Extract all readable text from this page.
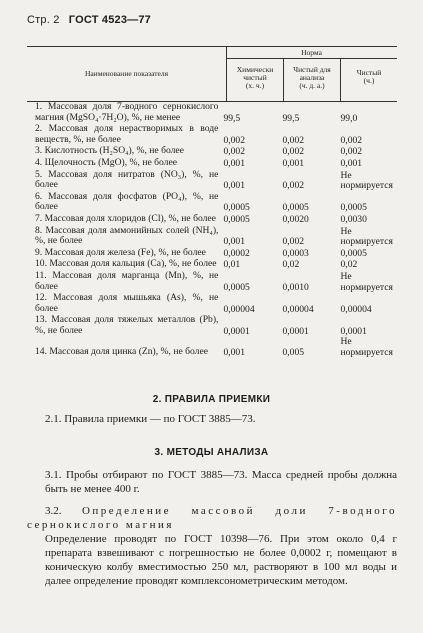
Стр. 2 ГОСТ 4523—77
Наименование показателя
Норма
Химически
чистый
(х. ч.)
Чистый для
анализа
(ч. д. а.)
Чистый
(ч.)
1. Массовая доля 7-водного сернокислого магния (MgSO₄·7H₂O), %, не менее	99,5	99,5	99,0
2. Массовая доля нерастворимых в воде веществ, %, не более	0,002	0,002	0,002
3. Кислотность (H₂SO₄), %, не более	0,002	0,002	0,002
4. Щелочность (MgO), %, не более	0,001	0,001	0,001
5. Массовая доля нитратов (NO₃), %, не более	0,001	0,002	Не нормируется
6. Массовая доля фосфатов (PO₄), %, не более	0,0005	0,0005	0,0005
7. Массовая доля хлоридов (Cl), %, не более	0,0005	0,0020	0,0030
8. Массовая доля аммонийных солей (NH₄), %, не более	0,001	0,002	Не нормируется
9. Массовая доля железа (Fe), %, не более	0,0002	0,0003	0,0005
10. Массовая доля кальция (Ca), %, не более	0,01	0,02	0,02
11. Массовая доля марганца (Mn), %, не более	0,0005	0,0010	Не нормируется
12. Массовая доля мышьяка (As), %, не более	0,00004	0,00004	0,00004
13. Массовая доля тяжелых металлов (Pb), %, не более	0,0001	0,0001	0,0001
14. Массовая доля цинка (Zn), %, не более	0,001	0,005	Не нормируется
2. ПРАВИЛА ПРИЕМКИ
2.1. Правила приемки — по ГОСТ 3885—73.
3. МЕТОДЫ АНАЛИЗА
3.1. Пробы отбирают по ГОСТ 3885—73. Масса средней пробы должна быть не менее 400 г.
3.2. Определение массовой доли 7-водного сернокислого магния
Определение проводят по ГОСТ 10398—76. При этом около 0,4 г препарата взвешивают с погрешностью не более 0,0002 г, помещают в коническую колбу вместимостью 250 мл, растворяют в 100 мл воды и далее определение проводят комплексонометрическим методом.
